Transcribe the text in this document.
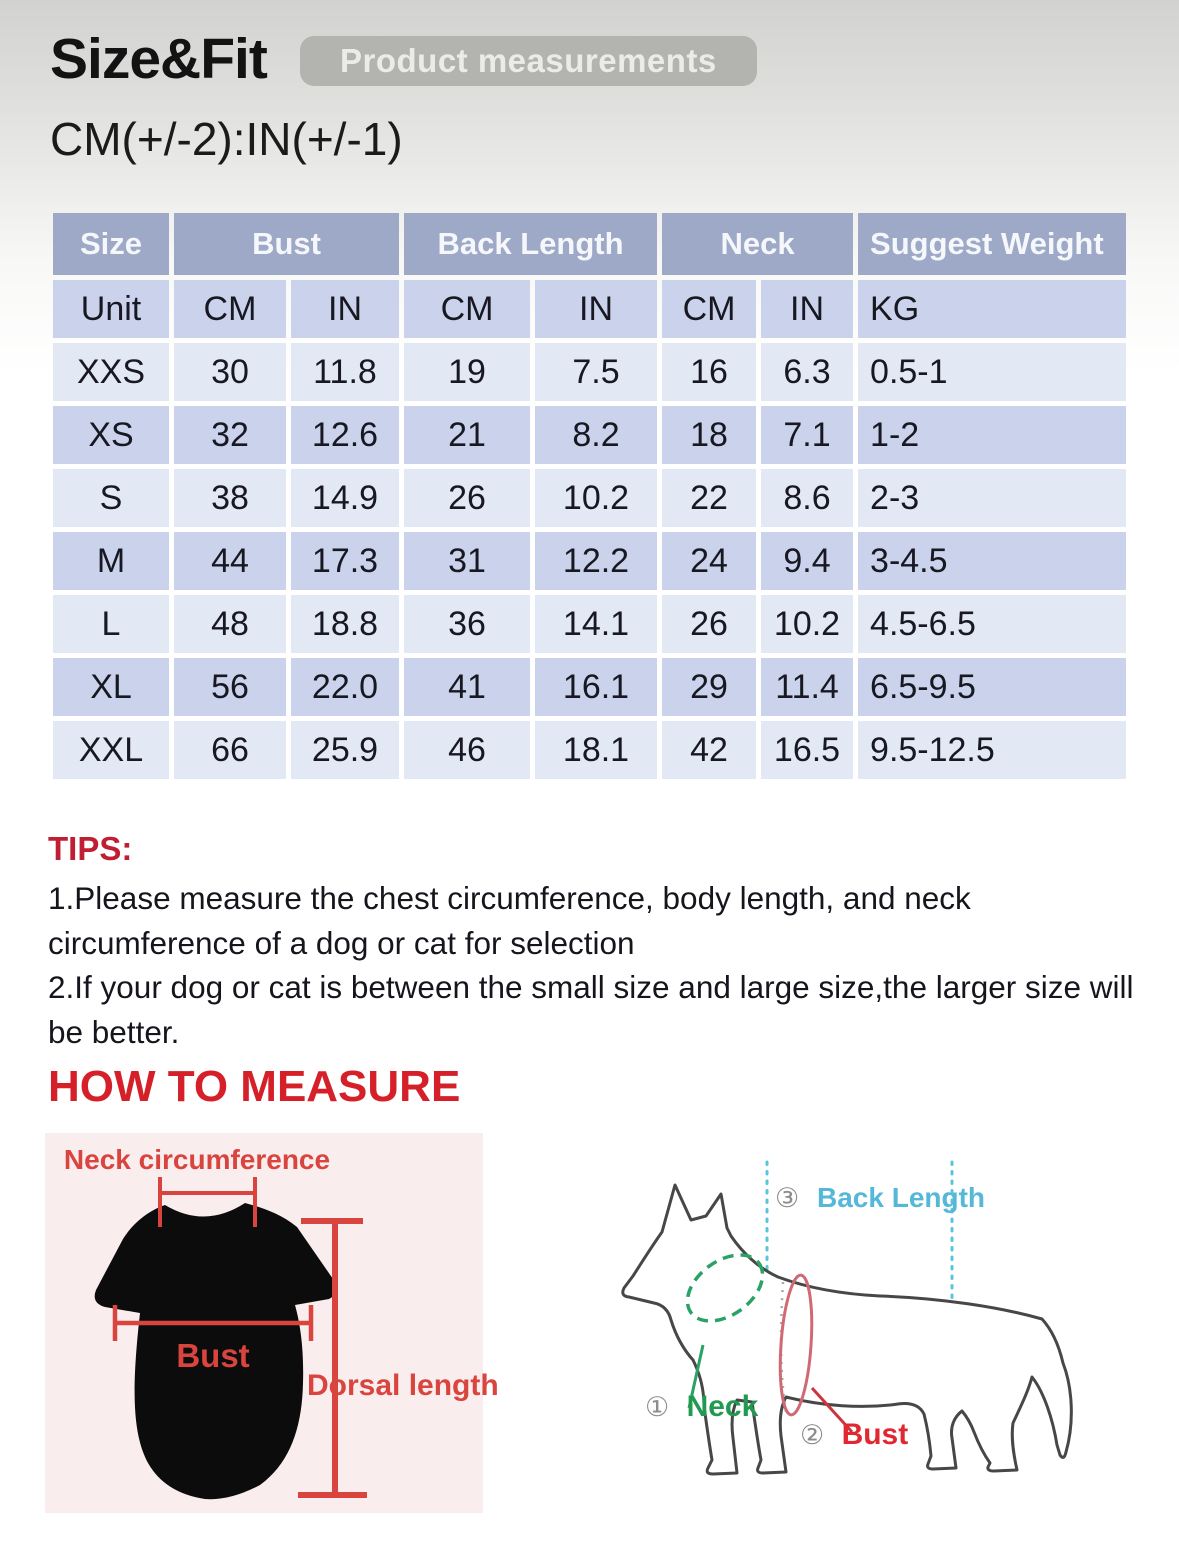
Size&Fit	Product measurements
CM(+/-2):IN(+/-1)
Size	Bust		Back Length		Neck		Suggest Weight
Unit	CM	IN	CM	IN	CM	IN	KG
XXS	30	11.8	19	7.5	16	6.3	0.5-1
XS	32	12.6	21	8.2	18	7.1	1-2
S	38	14.9	26	10.2	22	8.6	2-3
M	44	17.3	31	12.2	24	9.4	3-4.5
L	48	18.8	36	14.1	26	10.2	4.5-6.5
XL	56	22.0	41	16.1	29	11.4	6.5-9.5
XXL	66	25.9	46	18.1	42	16.5	9.5-12.5
TIPS:
1.Please measure the chest circumference, body length, and neck circumference of a dog or cat for selection
2.If your dog or cat is between the small size and large size,the larger size will be better.
HOW TO MEASURE
Neck circumference
Bust
Dorsal length
③ Back Length
① Neck
② Bust
